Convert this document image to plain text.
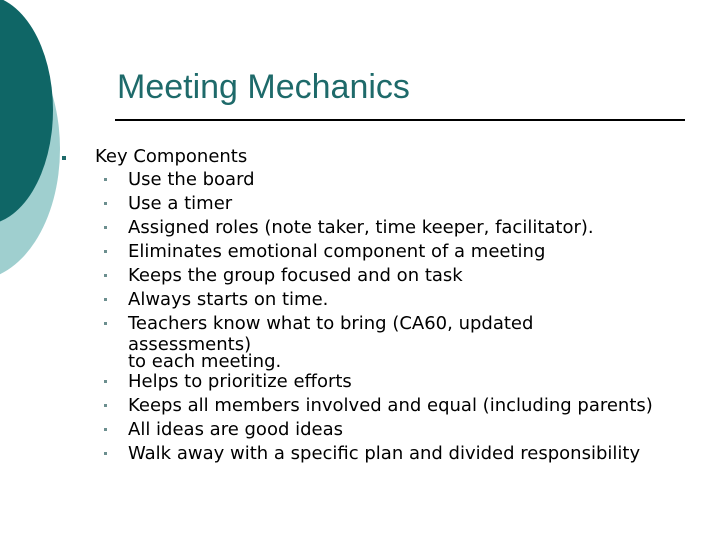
Meeting Mechanics
Key Components
Use the board
Use a timer
Assigned roles (note taker, time keeper, facilitator).
Eliminates emotional component of a meeting
Keeps the group focused and on task
Always starts on time.
Teachers know what to bring (CA60, updated
assessments)
to each meeting.
Helps to prioritize efforts
Keeps all members involved and equal (including parents)
All ideas are good ideas
Walk away with a specific plan and divided responsibility
